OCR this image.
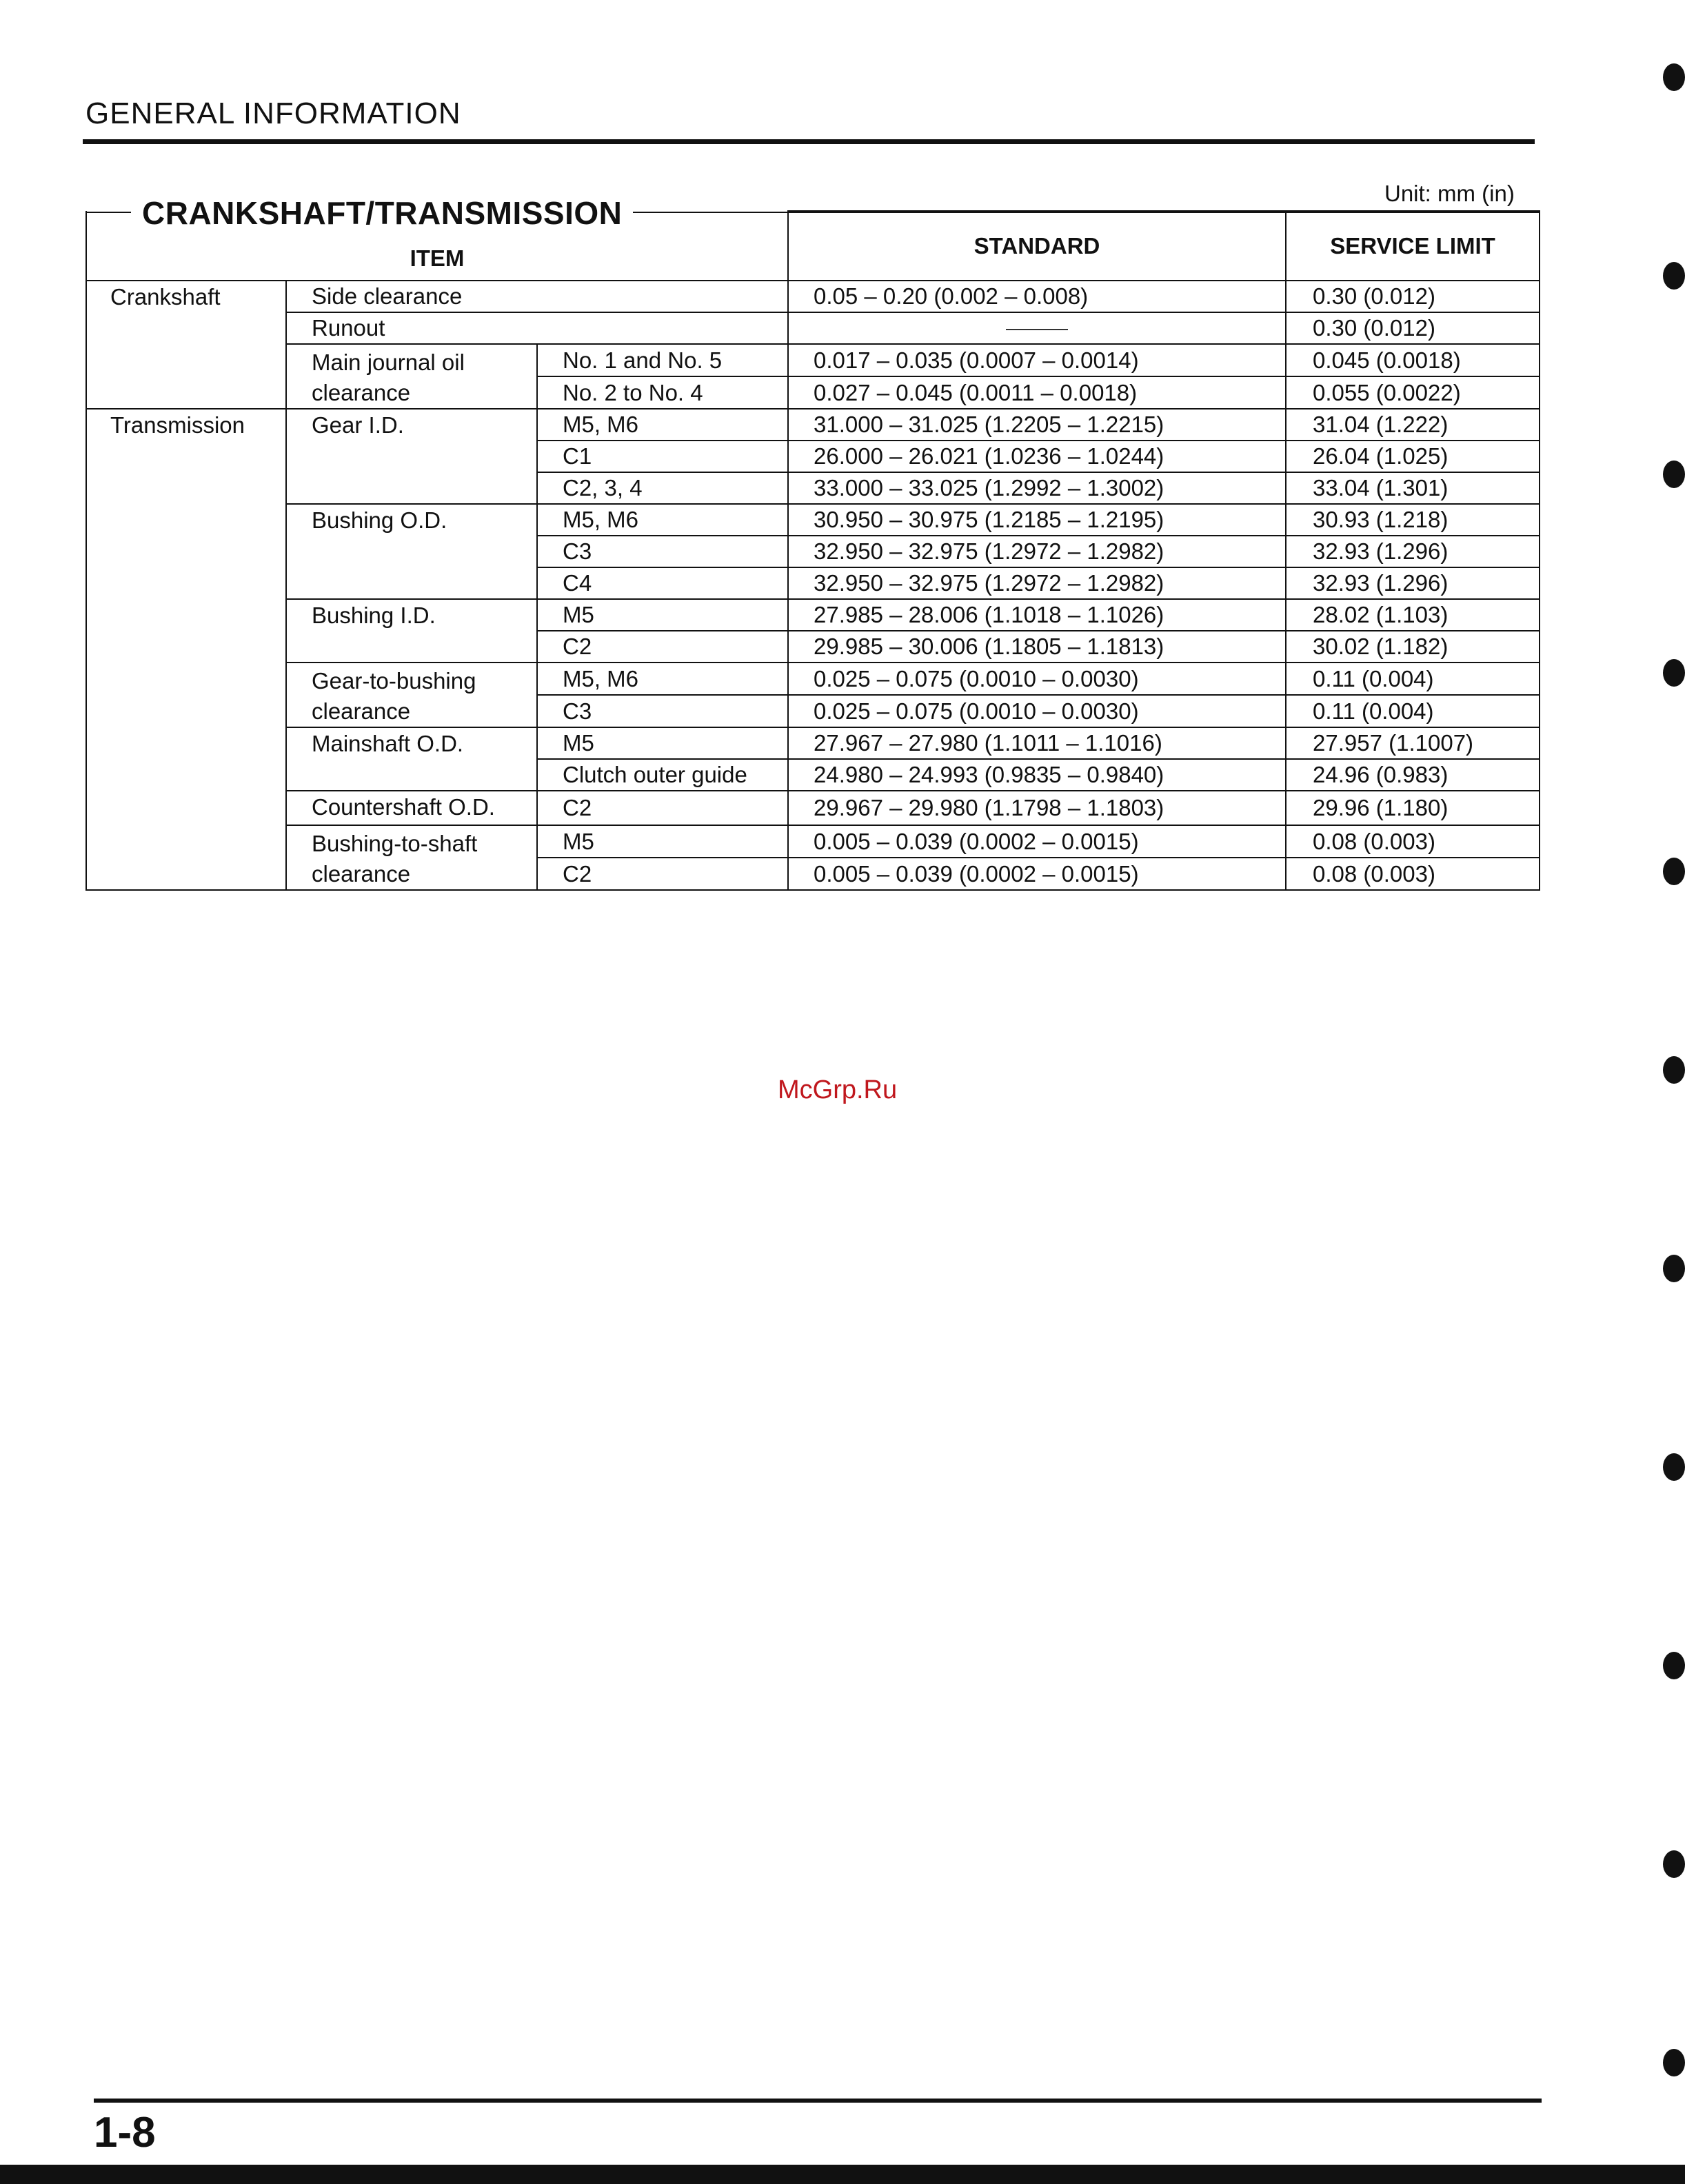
GENERAL INFORMATION
Unit: mm (in)
CRANKSHAFT/TRANSMISSION
ITEM			STANDARD	SERVICE LIMIT
Crankshaft	Side clearance		0.05 – 0.20 (0.002 – 0.008)	0.30 (0.012)
	Runout			0.30 (0.012)
	Main journal oil clearance	No. 1 and No. 5	0.017 – 0.035 (0.0007 – 0.0014)	0.045 (0.0018)
		No. 2 to No. 4	0.027 – 0.045 (0.0011 – 0.0018)	0.055 (0.0022)
Transmission	Gear I.D.	M5, M6	31.000 – 31.025 (1.2205 – 1.2215)	31.04 (1.222)
		C1	26.000 – 26.021 (1.0236 – 1.0244)	26.04 (1.025)
		C2, 3, 4	33.000 – 33.025 (1.2992 – 1.3002)	33.04 (1.301)
	Bushing O.D.	M5, M6	30.950 – 30.975 (1.2185 – 1.2195)	30.93 (1.218)
		C3	32.950 – 32.975 (1.2972 – 1.2982)	32.93 (1.296)
		C4	32.950 – 32.975 (1.2972 – 1.2982)	32.93 (1.296)
	Bushing I.D.	M5	27.985 – 28.006 (1.1018 – 1.1026)	28.02 (1.103)
		C2	29.985 – 30.006 (1.1805 – 1.1813)	30.02 (1.182)
	Gear-to-bushing clearance	M5, M6	0.025 – 0.075 (0.0010 – 0.0030)	0.11 (0.004)
		C3	0.025 – 0.075 (0.0010 – 0.0030)	0.11 (0.004)
	Mainshaft O.D.	M5	27.967 – 27.980 (1.1011 – 1.1016)	27.957 (1.1007)
		Clutch outer guide	24.980 – 24.993 (0.9835 – 0.9840)	24.96 (0.983)
	Countershaft O.D.	C2	29.967 – 29.980 (1.1798 – 1.1803)	29.96 (1.180)
	Bushing-to-shaft clearance	M5	0.005 – 0.039 (0.0002 – 0.0015)	0.08 (0.003)
		C2	0.005 – 0.039 (0.0002 – 0.0015)	0.08 (0.003)
McGrp.Ru
1-8
